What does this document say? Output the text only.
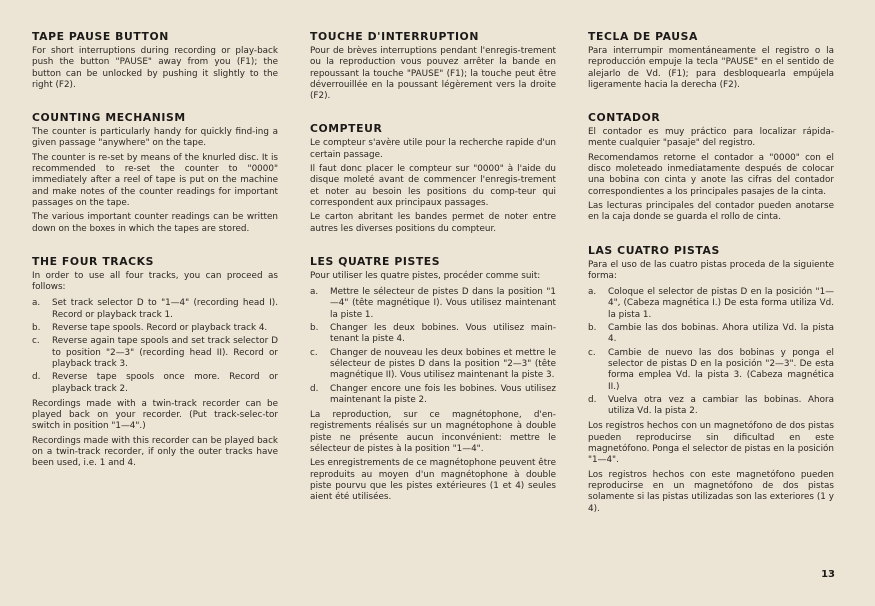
TAPE PAUSE BUTTON

For short interruptions during recording or play-back push the button "PAUSE" away from you (F1); the button can be unlocked by pushing it slightly to the right (F2).

COUNTING MECHANISM

The counter is particularly handy for quickly find-ing a given passage "anywhere" on the tape.

The counter is re-set by means of the knurled disc. It is recommended to re-set the counter to "0000" immediately after a reel of tape is put on the machine and make notes of the counter readings for important passages on the tape.

The various important counter readings can be written down on the boxes in which the tapes are stored.

THE FOUR TRACKS

In order to use all four tracks, you can proceed as follows:

a.	Set track selector D to "1—4" (recording head I). Record or playback track 1.
b.	Reverse tape spools. Record or playback track 4.
c.	Reverse again tape spools and set track selector D to position "2—3" (recording head II). Record or playback track 3.
d.	Reverse tape spools once more. Record or playback track 2.

Recordings made with a twin-track recorder can be played back on your recorder. (Put track-selec-tor switch in position "1—4".)

Recordings made with this recorder can be played back on a twin-track recorder, if only the outer tracks have been used, i.e. 1 and 4.

TOUCHE D'INTERRUPTION

Pour de brèves interruptions pendant l'enregis-trement ou la reproduction vous pouvez arrêter la bande en repoussant la touche "PAUSE" (F1); la touche peut être déverrouillée en la poussant légèrement vers la droite (F2).

COMPTEUR

Le compteur s'avère utile pour la recherche rapide d'un certain passage.

Il faut donc placer le compteur sur "0000" à l'aide du disque moleté avant de commencer l'enregis-trement et noter au besoin les positions du comp-teur qui correspondent aux principaux passages.

Le carton abritant les bandes permet de noter entre autres les diverses positions du compteur.

LES QUATRE PISTES

Pour utiliser les quatre pistes, procéder comme suit:

a.	Mettre le sélecteur de pistes D dans la position "1—4" (tête magnétique I). Vous utilisez maintenant la piste 1.
b.	Changer les deux bobines. Vous utilisez main-tenant la piste 4.
c.	Changer de nouveau les deux bobines et mettre le sélecteur de pistes D dans la position "2—3" (tête magnétique II). Vous utilisez maintenant la piste 3.
d.	Changer encore une fois les bobines. Vous utilisez maintenant la piste 2.

La reproduction, sur ce magnétophone, d'en-registrements réalisés sur un magnétophone à double piste ne présente aucun inconvénient: mettre le sélecteur de pistes à la position "1—4".

Les enregistrements de ce magnétophone peuvent être reproduits au moyen d'un magnétophone à double piste pourvu que les pistes extérieures (1 et 4) seules aient été utilisées.

TECLA DE PAUSA

Para interrumpir momentáneamente el registro o la reproducción empuje la tecla "PAUSE" en el sentido de alejarlo de Vd. (F1); para desbloquearla empújela ligeramente hacia la derecha (F2).

CONTADOR

El contador es muy práctico para localizar rápida-mente cualquier "pasaje" del registro.

Recomendamos retorne el contador a "0000" con el disco moleteado inmediatamente después de colocar una bobina con cinta y anote las cifras del contador correspondientes a los principales pasajes de la cinta.

Las lecturas principales del contador pueden anotarse en la caja donde se guarda el rollo de cinta.

LAS CUATRO PISTAS

Para el uso de las cuatro pistas proceda de la siguiente forma:

a.	Coloque el selector de pistas D en la posición "1—4", (Cabeza magnética I.) De esta forma utiliza Vd. la pista 1.
b.	Cambie las dos bobinas. Ahora utiliza Vd. la pista 4.
c.	Cambie de nuevo las dos bobinas y ponga el selector de pistas D en la posición "2—3". De esta forma emplea Vd. la pista 3. (Cabeza magnética II.)
d.	Vuelva otra vez a cambiar las bobinas. Ahora utiliza Vd. la pista 2.

Los registros hechos con un magnetófono de dos pistas pueden reproducirse sin dificultad en este magnetófono. Ponga el selector de pistas en la posición "1—4".

Los registros hechos con este magnetófono pueden reproducirse en un magnetófono de dos pistas solamente si las pistas utilizadas son las exteriores (1 y 4).

13
